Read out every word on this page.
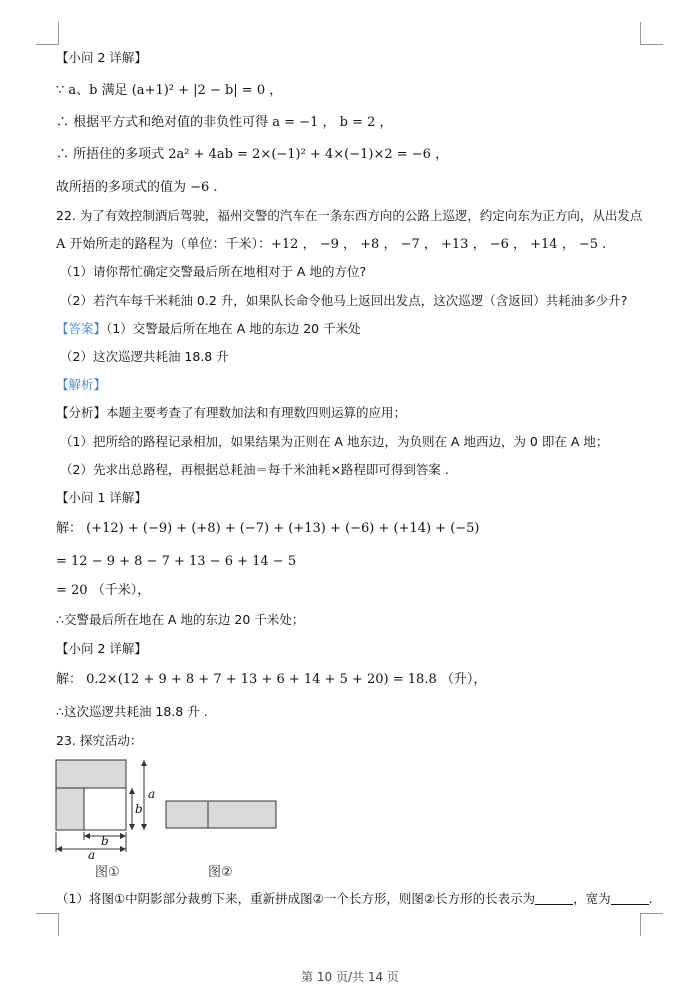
【小问 2 详解】
∵ a、b 满足 (a+1)² + |2 − b| = 0 ，
∴ 根据平方式和绝对值的非负性可得 a = −1 ， b = 2 ，
∴ 所捂住的多项式 2a² + 4ab = 2×(−1)² + 4×(−1)×2 = −6 ，
故所捂的多项式的值为 −6 .
22. 为了有效控制酒后驾驶，福州交警的汽车在一条东西方向的公路上巡逻，约定向东为正方向，从出发点
A 开始所走的路程为（单位：千米）：+12 ， −9 ， +8 ， −7 ， +13 ， −6 ， +14 ， −5 .
（1）请你帮忙确定交警最后所在地相对于 A 地的方位?
（2）若汽车每千米耗油 0.2 升，如果队长命令他马上返回出发点，这次巡逻（含返回）共耗油多少升?
【答案】（1）交警最后所在地在 A 地的东边 20 千米处
（2）这次巡逻共耗油 18.8 升
【解析】
【分析】本题主要考查了有理数加法和有理数四则运算的应用；
（1）把所给的路程记录相加，如果结果为正则在 A 地东边，为负则在 A 地西边，为 0 即在 A 地；
（2）先求出总路程，再根据总耗油＝每千米油耗×路程即可得到答案 .
【小问 1 详解】
解： (+12) + (−9) + (+8) + (−7) + (+13) + (−6) + (+14) + (−5)
= 12 − 9 + 8 − 7 + 13 − 6 + 14 − 5
= 20 （千米），
∴交警最后所在地在 A 地的东边 20 千米处；
【小问 2 详解】
解： 0.2×(12 + 9 + 8 + 7 + 13 + 6 + 14 + 5 + 20) = 18.8 （升），
∴这次巡逻共耗油 18.8 升 .
23. 探究活动：
a
b
b
a
图①	图②
（1）将图①中阴影部分裁剪下来，重新拼成图②一个长方形，则图②长方形的长表示为	，宽为	.
第 10 页/共 14 页
